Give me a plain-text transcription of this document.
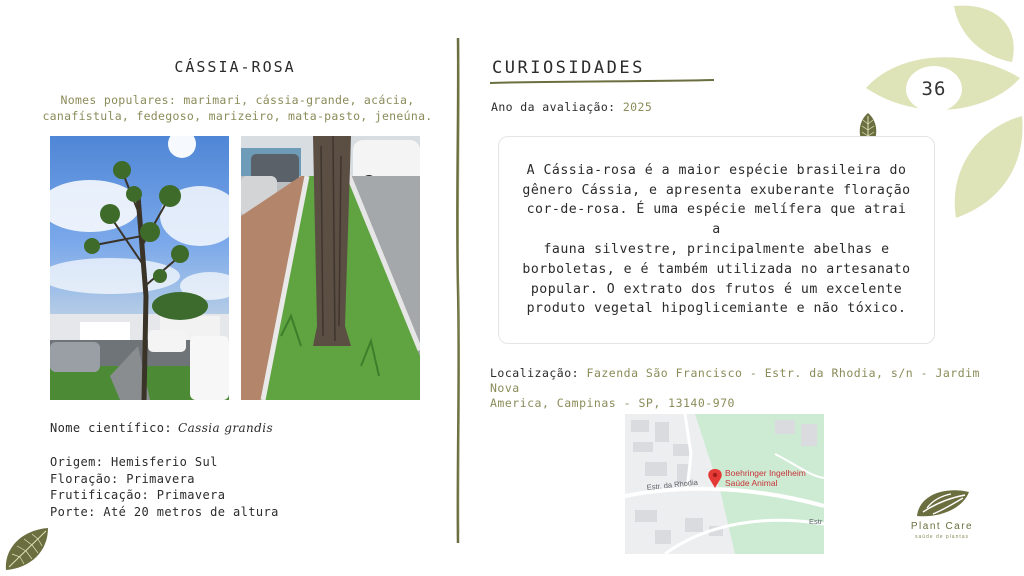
36
CÁSSIA-ROSA
Nomes populares: marimari, cássia-grande, acácia,
canafístula, fedegoso, marizeiro, mata-pasto, jeneúna.
Nome científico: Cassia grandis
Origem: Hemisferio Sul
Floração: Primavera
Frutificação: Primavera
Porte: Até 20 metros de altura
CURIOSIDADES
Ano da avaliação: 2025
A Cássia-rosa é a maior espécie brasileira do
gênero Cássia, e apresenta exuberante floração
cor-de-rosa. É uma espécie melífera que atrai a
fauna silvestre, principalmente abelhas e
borboletas, e é também utilizada no artesanato
popular. O extrato dos frutos é um excelente
produto vegetal hipoglicemiante e não tóxico.
Localização: Fazenda São Francisco - Estr. da Rhodia, s/n - Jardim Nova
America, Campinas - SP, 13140-970
Estr. da Rhodia
Estr
Boehringer Ingelheim
Saúde Animal
Plant Care
saúde de plantas
